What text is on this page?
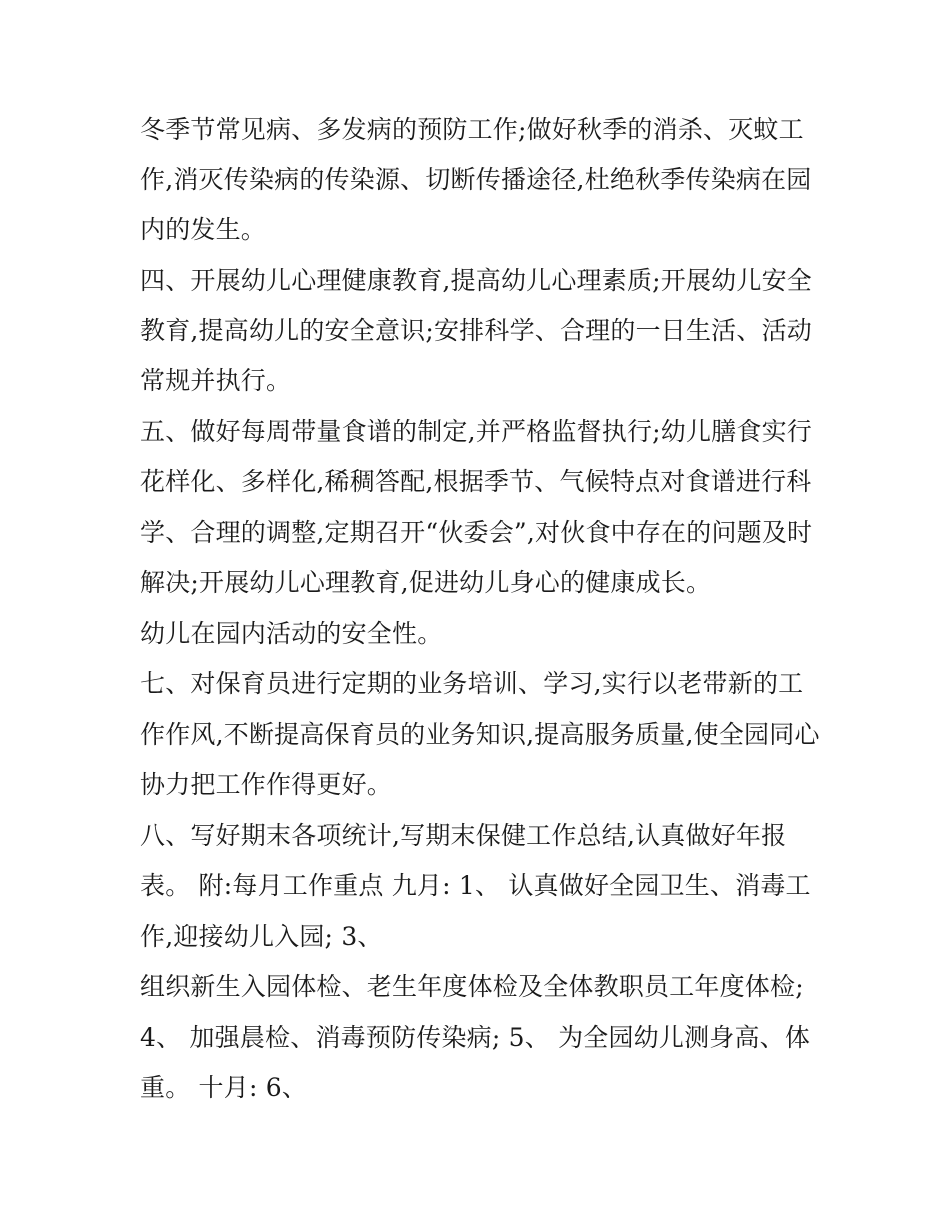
冬季节常见病、多发病的预防工作;做好秋季的消杀、灭蚊工
作,消灭传染病的传染源、切断传播途径,杜绝秋季传染病在园
内的发生。
四、开展幼儿心理健康教育,提高幼儿心理素质;开展幼儿安全
教育,提高幼儿的安全意识;安排科学、合理的一日生活、活动
常规并执行。
五、做好每周带量食谱的制定,并严格监督执行;幼儿膳食实行
花样化、多样化,稀稠答配,根据季节、气候特点对食谱进行科
学、合理的调整,定期召开“伙委会”,对伙食中存在的问题及时
解决;开展幼儿心理教育,促进幼儿身心的健康成长。
幼儿在园内活动的安全性。
七、对保育员进行定期的业务培训、学习,实行以老带新的工
作作风,不断提高保育员的业务知识,提高服务质量,使全园同心
协力把工作作得更好。
八、写好期末各项统计,写期末保健工作总结,认真做好年报
表。 附:每月工作重点 九月: 1、 认真做好全园卫生、消毒工
作,迎接幼儿入园; 3、
组织新生入园体检、老生年度体检及全体教职员工年度体检;
4、 加强晨检、消毒预防传染病; 5、 为全园幼儿测身高、体
重。 十月: 6、
